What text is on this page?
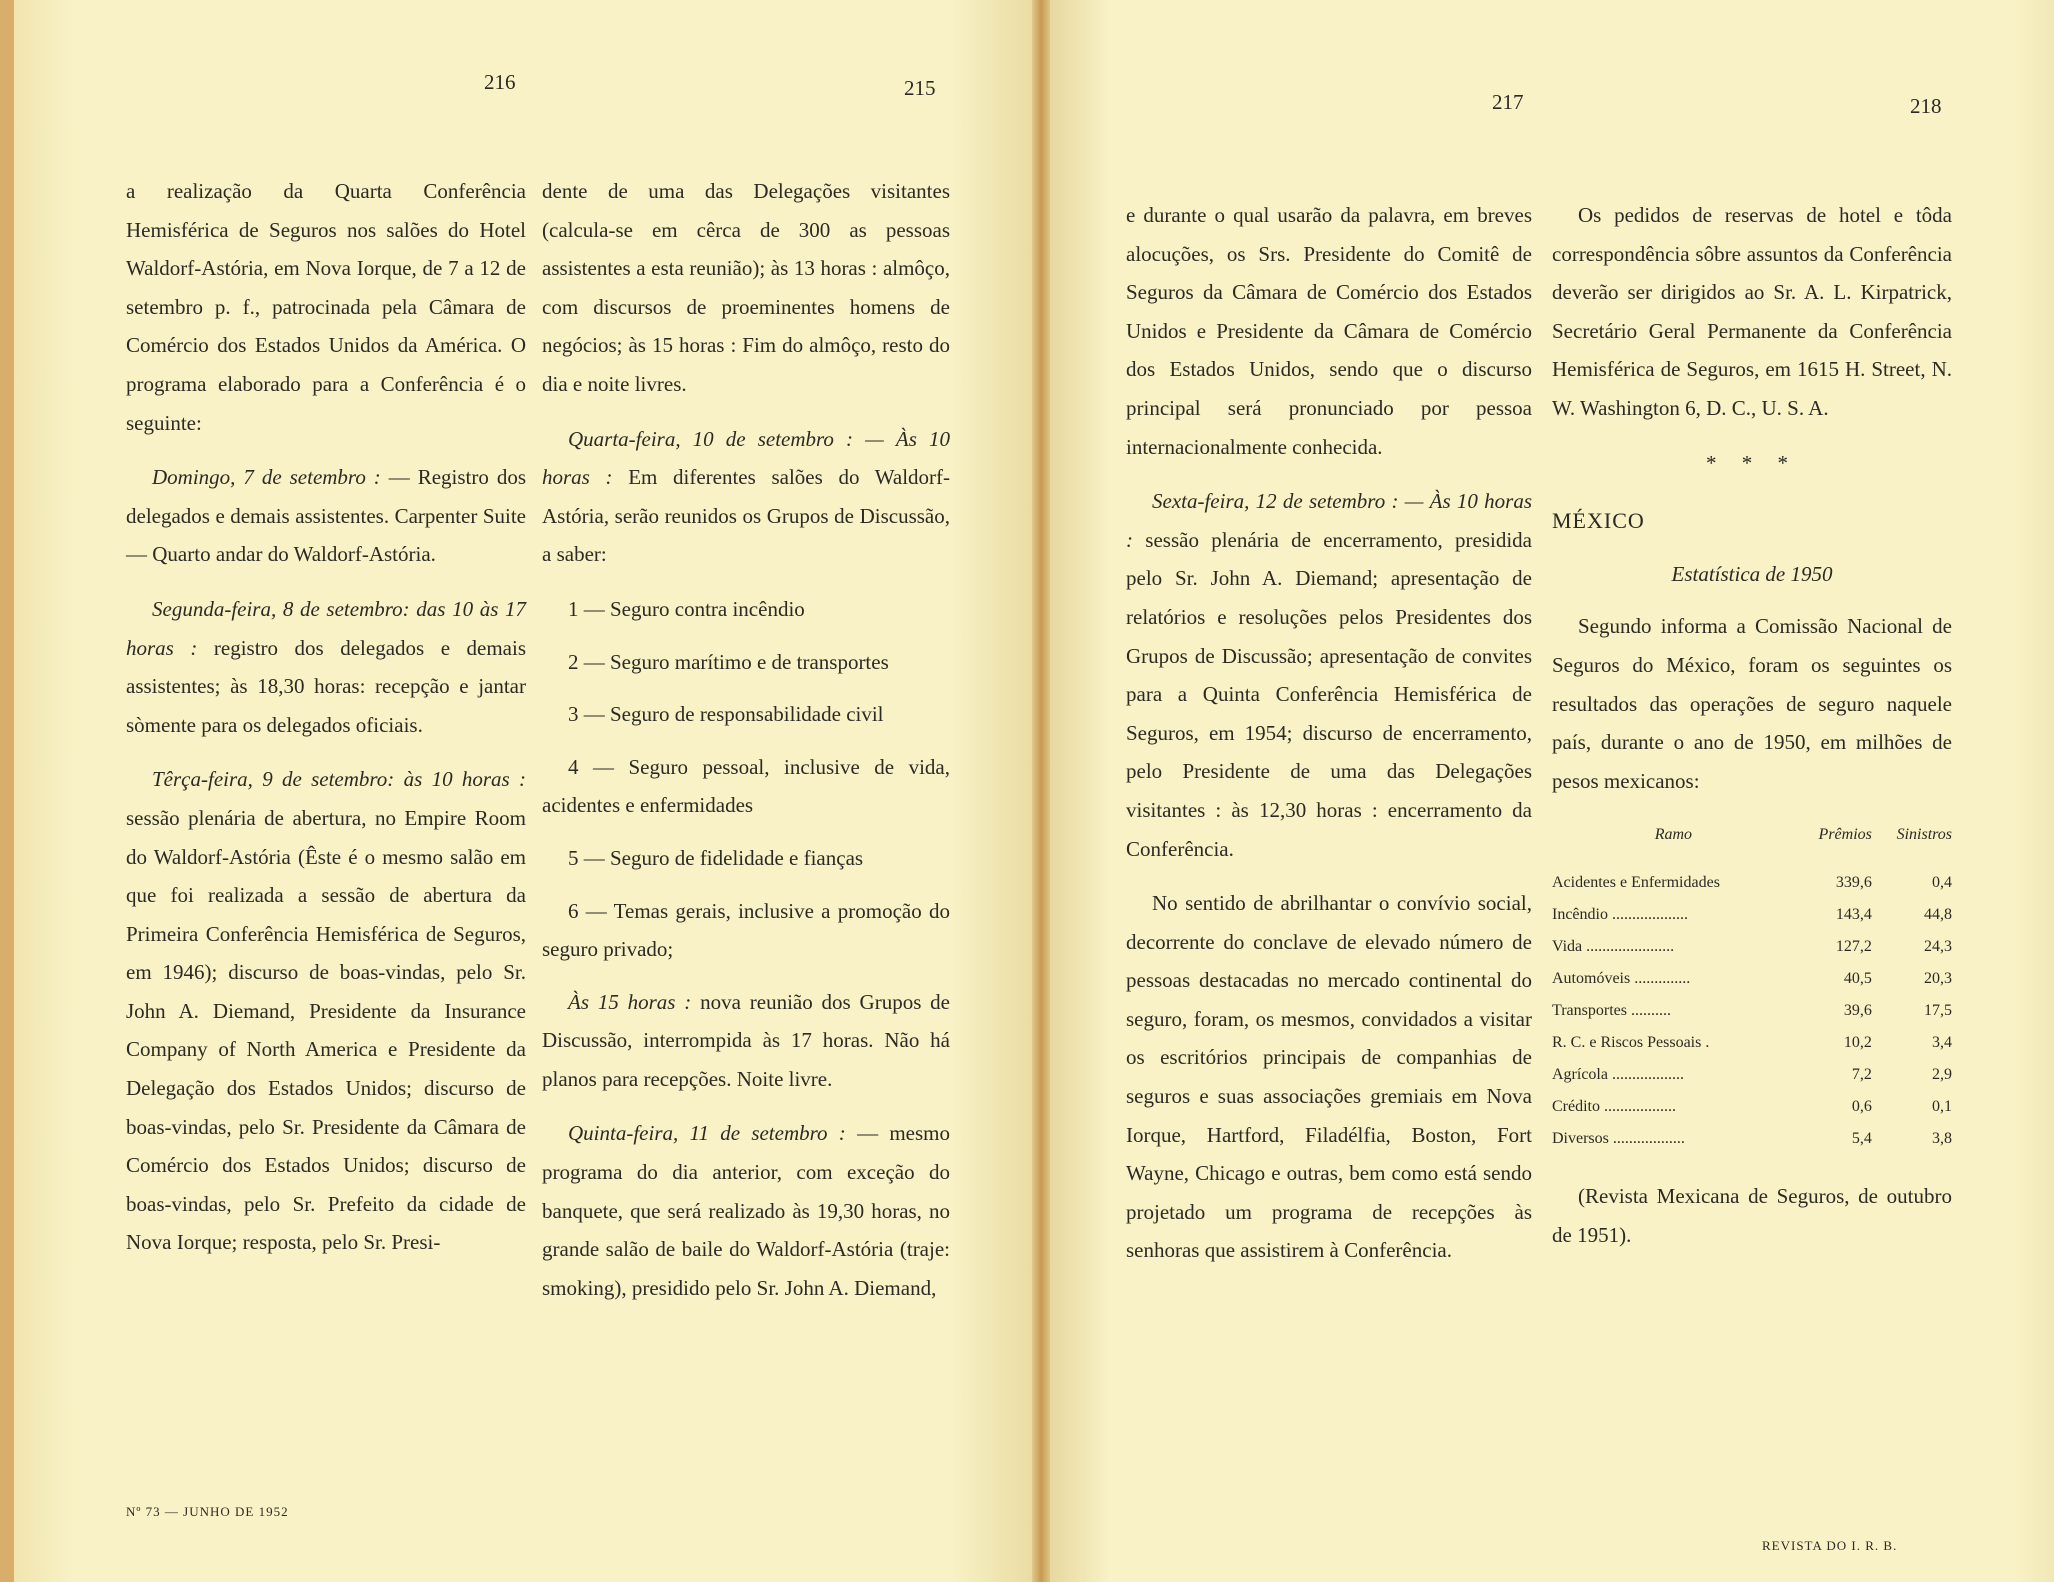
216	215

a realização da Quarta Conferência Hemisférica de Seguros nos salões do Hotel Waldorf-Astória, em Nova Iorque, de 7 a 12 de setembro p. f., patrocinada pela Câmara de Comércio dos Estados Unidos da América. O programa elaborado para a Conferência é o seguinte:

Domingo, 7 de setembro : — Registro dos delegados e demais assistentes. Carpenter Suite — Quarto andar do Waldorf-Astória.

Segunda-feira, 8 de setembro: das 10 às 17 horas : registro dos delegados e demais assistentes; às 18,30 horas: recepção e jantar sòmente para os delegados oficiais.

Têrça-feira, 9 de setembro: às 10 horas : sessão plenária de abertura, no Empire Room do Waldorf-Astória (Êste é o mesmo salão em que foi realizada a sessão de abertura da Primeira Conferência Hemisférica de Seguros, em 1946); discurso de boas-vindas, pelo Sr. John A. Diemand, Presidente da Insurance Company of North America e Presidente da Delegação dos Estados Unidos; discurso de boas-vindas, pelo Sr. Presidente da Câmara de Comércio dos Estados Unidos; discurso de boas-vindas, pelo Sr. Prefeito da cidade de Nova Iorque; resposta, pelo Sr. Presi-

dente de uma das Delegações visitantes (calcula-se em cêrca de 300 as pessoas assistentes a esta reunião); às 13 horas : almôço, com discursos de proeminentes homens de negócios; às 15 horas : Fim do almôço, resto do dia e noite livres.

Quarta-feira, 10 de setembro : — Às 10 horas : Em diferentes salões do Waldorf-Astória, serão reunidos os Grupos de Discussão, a saber:

1 — Seguro contra incêndio

2 — Seguro marítimo e de transportes

3 — Seguro de responsabilidade civil

4 — Seguro pessoal, inclusive de vida, acidentes e enfermidades

5 — Seguro de fidelidade e fianças

6 — Temas gerais, inclusive a promoção do seguro privado;

Às 15 horas : nova reunião dos Grupos de Discussão, interrompida às 17 horas. Não há planos para recepções. Noite livre.

Quinta-feira, 11 de setembro : — mesmo programa do dia anterior, com exceção do banquete, que será realizado às 19,30 horas, no grande salão de baile do Waldorf-Astória (traje: smoking), presidido pelo Sr. John A. Diemand,

Nº 73 — JUNHO DE 1952
217	218

e durante o qual usarão da palavra, em breves alocuções, os Srs. Presidente do Comitê de Seguros da Câmara de Comércio dos Estados Unidos e Presidente da Câmara de Comércio dos Estados Unidos, sendo que o discurso principal será pronunciado por pessoa internacionalmente conhecida.

Sexta-feira, 12 de setembro : — Às 10 horas : sessão plenária de encerramento, presidida pelo Sr. John A. Diemand; apresentação de relatórios e resoluções pelos Presidentes dos Grupos de Discussão; apresentação de convites para a Quinta Conferência Hemisférica de Seguros, em 1954; discurso de encerramento, pelo Presidente de uma das Delegações visitantes : às 12,30 horas : encerramento da Conferência.

No sentido de abrilhantar o convívio social, decorrente do conclave de elevado número de pessoas destacadas no mercado continental do seguro, foram, os mesmos, convidados a visitar os escritórios principais de companhias de seguros e suas associações gremiais em Nova Iorque, Hartford, Filadélfia, Boston, Fort Wayne, Chicago e outras, bem como está sendo projetado um programa de recepções às senhoras que assistirem à Conferência.

Os pedidos de reservas de hotel e tôda correspondência sôbre assuntos da Conferência deverão ser dirigidos ao Sr. A. L. Kirpatrick, Secretário Geral Permanente da Conferência Hemisférica de Seguros, em 1615 H. Street, N. W. Washington 6, D. C., U. S. A.

* * *
MÉXICO
Estatística de 1950

Segundo informa a Comissão Nacional de Seguros do México, foram os seguintes os resultados das operações de seguro naquele país, durante o ano de 1950, em milhões de pesos mexicanos:

Ramo	Prêmios	Sinistros
Acidentes e Enfermidades	339,6	0,4
Incêndio ...................	143,4	44,8
Vida ......................	127,2	24,3
Automóveis ..............	40,5	20,3
Transportes ..........	39,6	17,5
R. C. e Riscos Pessoais .	10,2	3,4
Agrícola ..................	7,2	2,9
Crédito ..................	0,6	0,1
Diversos ..................	5,4	3,8

(Revista Mexicana de Seguros, de outubro de 1951).

REVISTA DO I. R. B.
